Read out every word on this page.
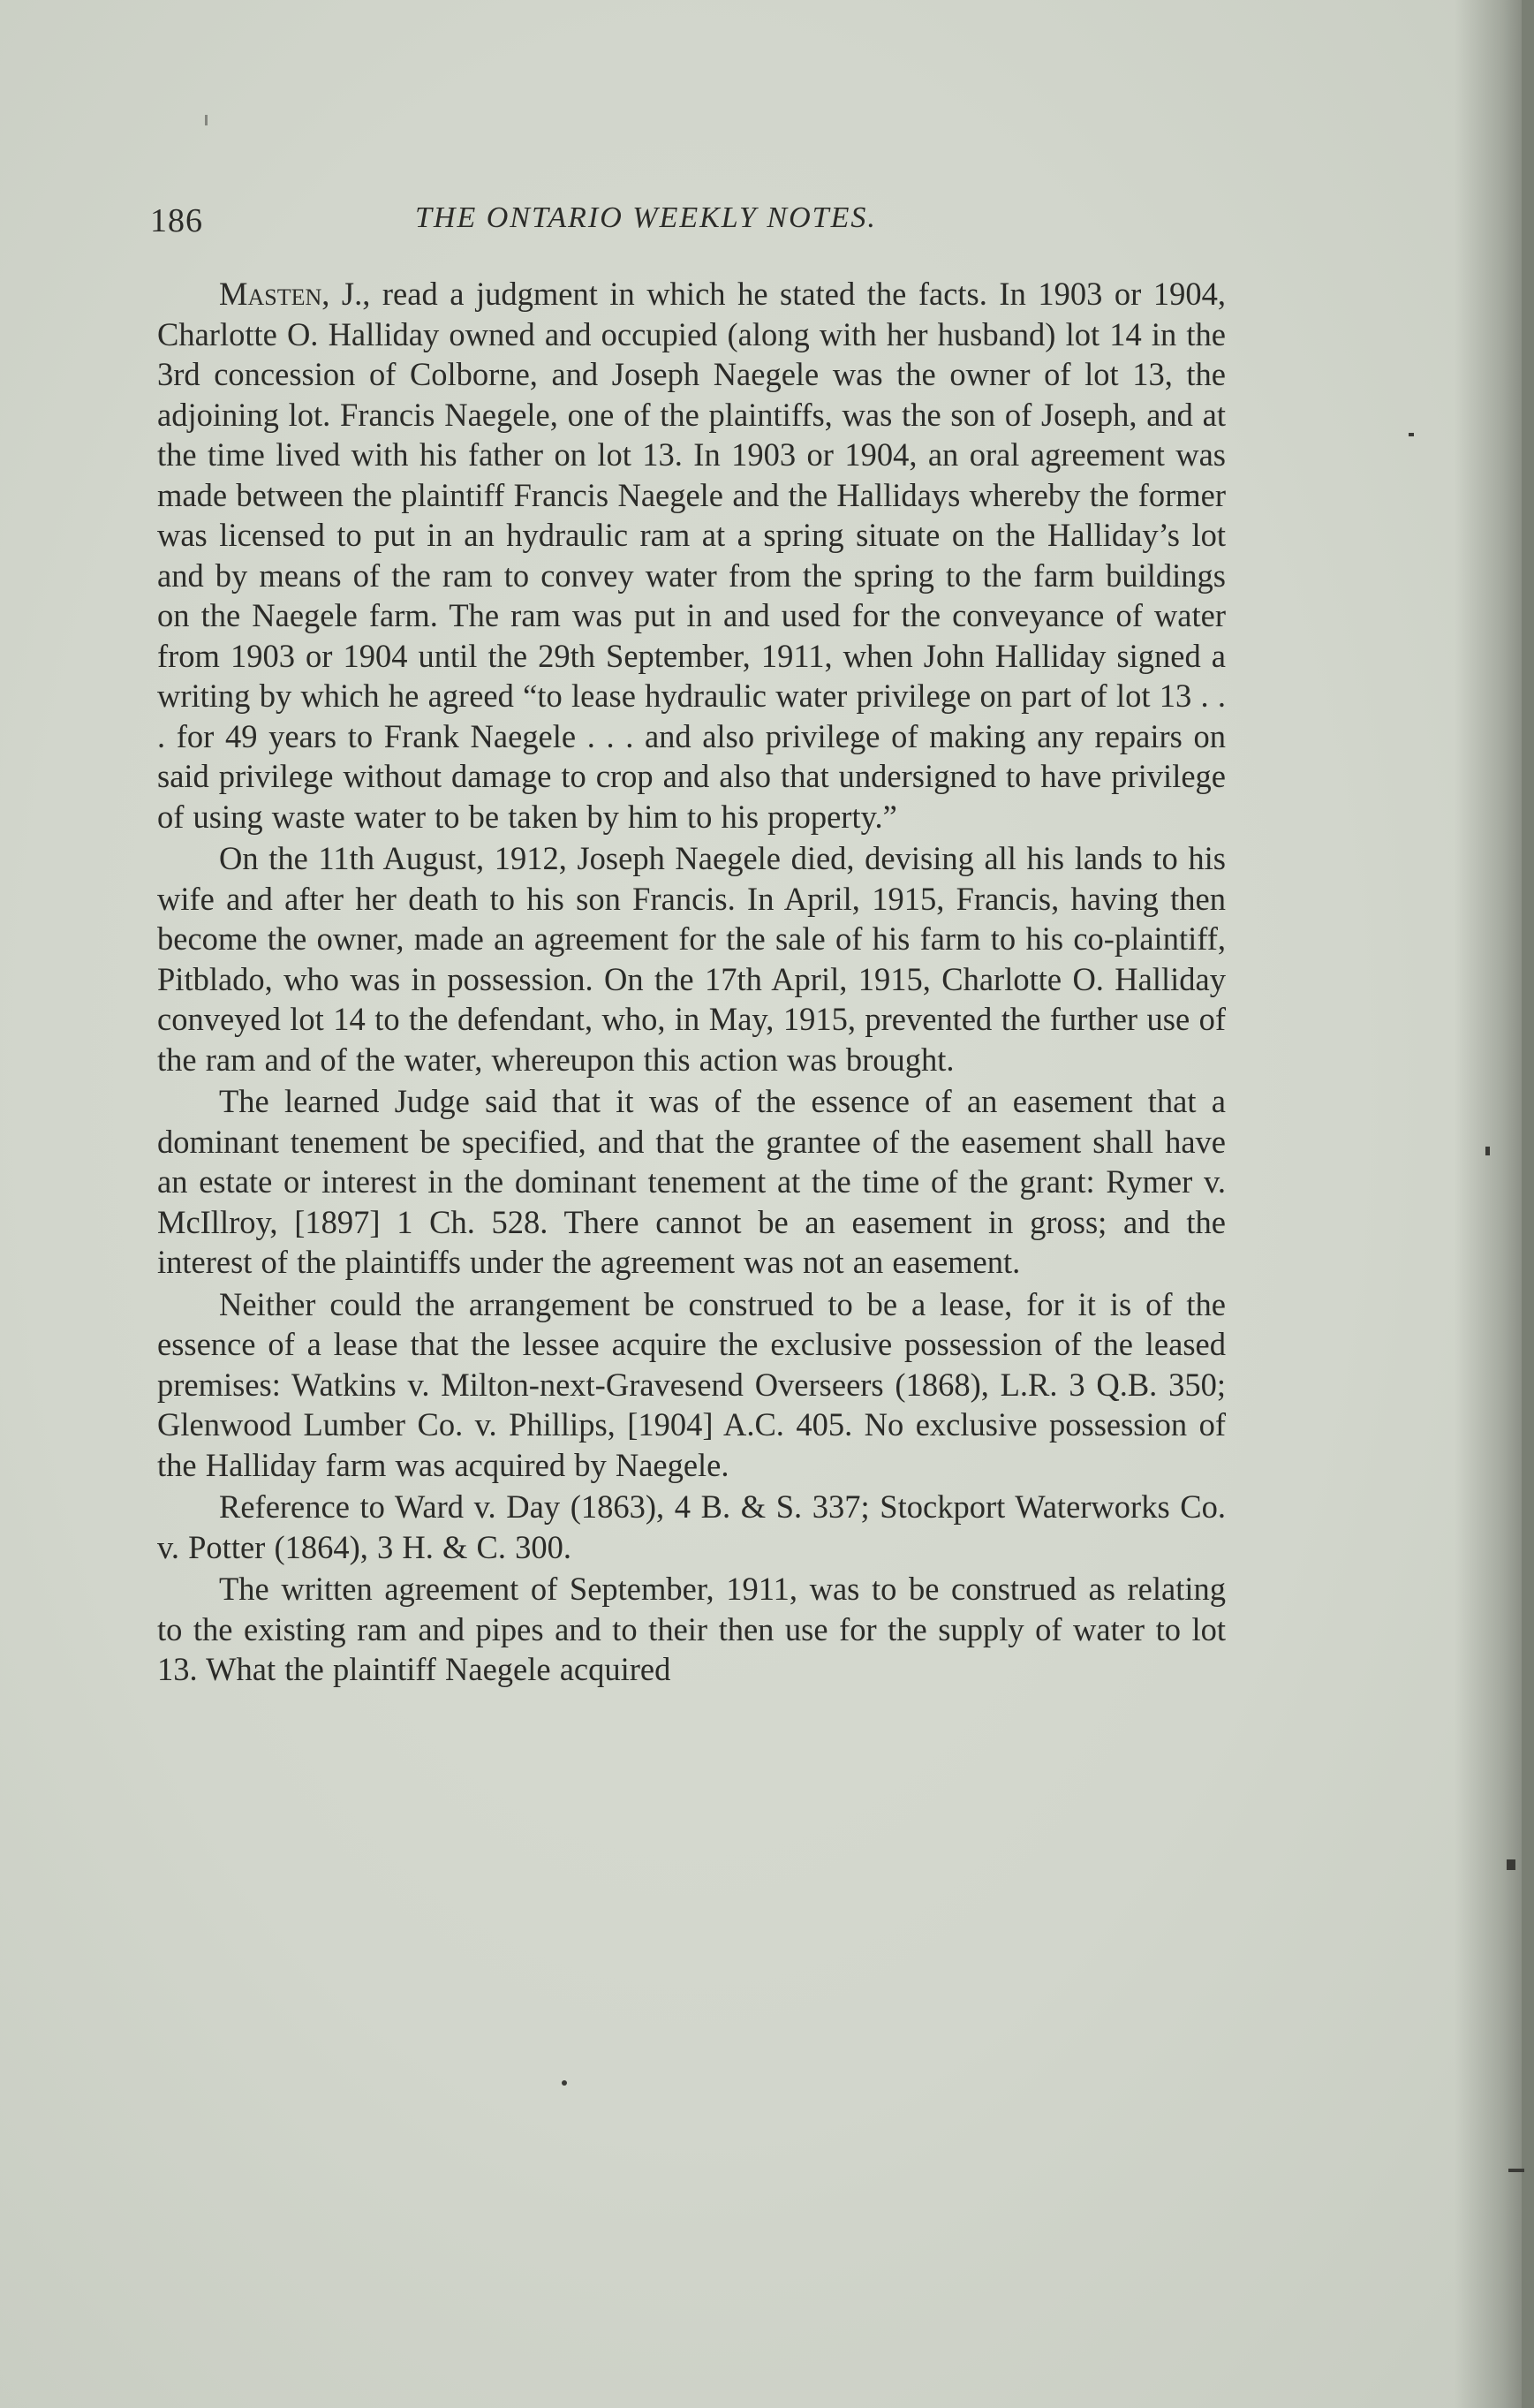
186	THE ONTARIO WEEKLY NOTES.

Masten, J., read a judgment in which he stated the facts. In 1903 or 1904, Charlotte O. Halliday owned and occupied (along with her husband) lot 14 in the 3rd concession of Colborne, and Joseph Naegele was the owner of lot 13, the adjoining lot. Francis Naegele, one of the plaintiffs, was the son of Joseph, and at the time lived with his father on lot 13. In 1903 or 1904, an oral agreement was made between the plaintiff Francis Naegele and the Hallidays whereby the former was licensed to put in an hydraulic ram at a spring situate on the Halliday’s lot and by means of the ram to convey water from the spring to the farm buildings on the Naegele farm. The ram was put in and used for the conveyance of water from 1903 or 1904 until the 29th September, 1911, when John Halliday signed a writing by which he agreed “to lease hydraulic water privilege on part of lot 13 . . . for 49 years to Frank Naegele . . . and also privilege of making any repairs on said privilege without damage to crop and also that undersigned to have privilege of using waste water to be taken by him to his property.”

On the 11th August, 1912, Joseph Naegele died, devising all his lands to his wife and after her death to his son Francis. In April, 1915, Francis, having then become the owner, made an agreement for the sale of his farm to his co-plaintiff, Pitblado, who was in possession. On the 17th April, 1915, Charlotte O. Halliday conveyed lot 14 to the defendant, who, in May, 1915, prevented the further use of the ram and of the water, whereupon this action was brought.

The learned Judge said that it was of the essence of an easement that a dominant tenement be specified, and that the grantee of the easement shall have an estate or interest in the dominant tenement at the time of the grant: Rymer v. McIllroy, [1897] 1 Ch. 528. There cannot be an easement in gross; and the interest of the plaintiffs under the agreement was not an easement.

Neither could the arrangement be construed to be a lease, for it is of the essence of a lease that the lessee acquire the exclusive possession of the leased premises: Watkins v. Milton-next-Gravesend Overseers (1868), L.R. 3 Q.B. 350; Glenwood Lumber Co. v. Phillips, [1904] A.C. 405. No exclusive possession of the Halliday farm was acquired by Naegele.

Reference to Ward v. Day (1863), 4 B. & S. 337; Stockport Waterworks Co. v. Potter (1864), 3 H. & C. 300.

The written agreement of September, 1911, was to be construed as relating to the existing ram and pipes and to their then use for the supply of water to lot 13. What the plaintiff Naegele acquired
